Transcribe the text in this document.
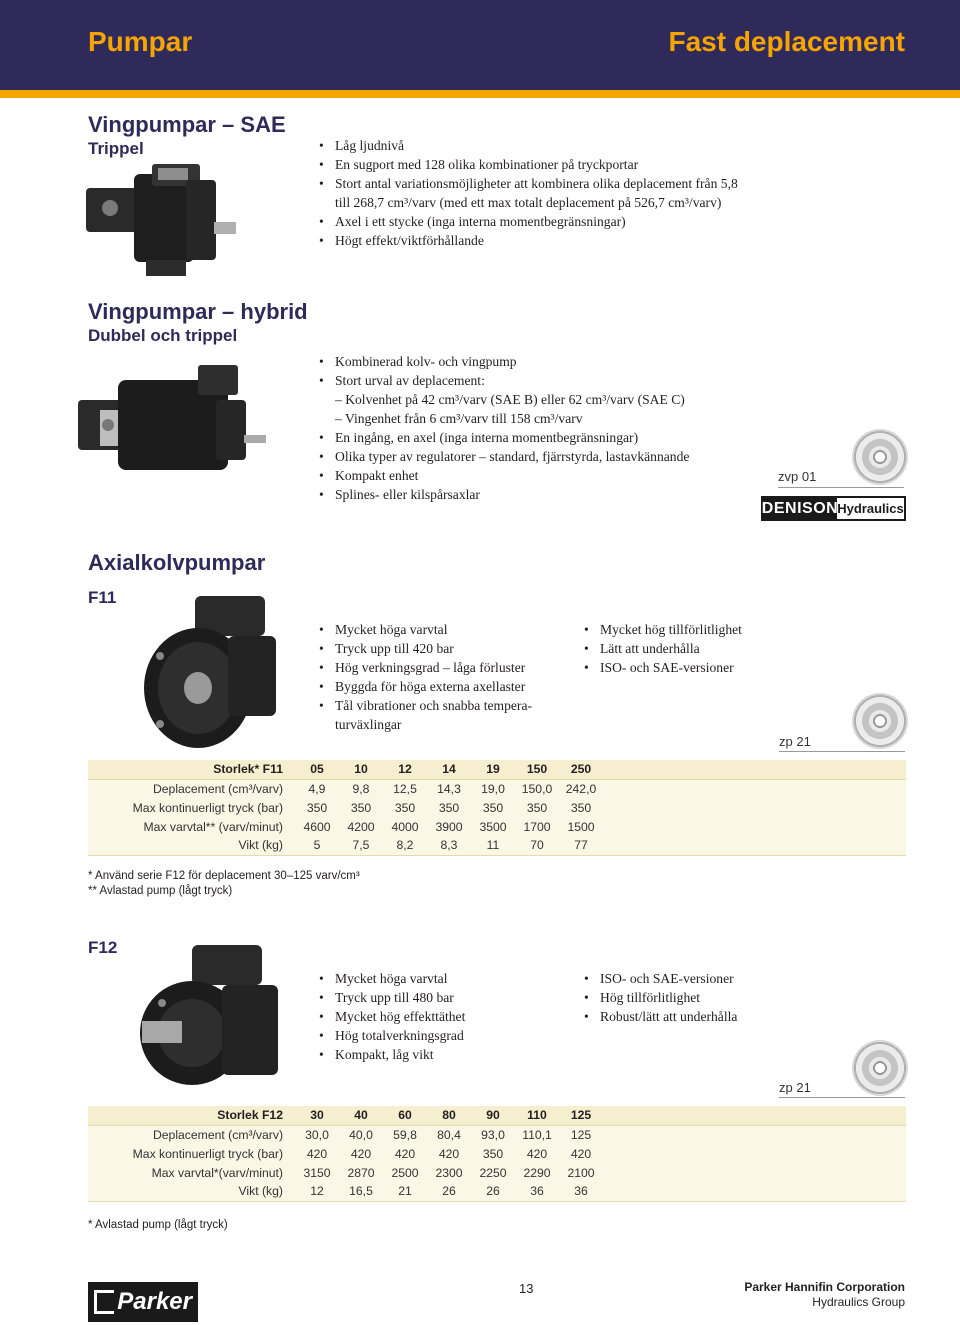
Pumpar	Fast deplacement
Vingpumpar – SAE
Trippel	• Låg ljudnivå
• En sugport med 128 olika kombinationer på tryckportar
• Stort antal variationsmöjligheter att kombinera olika deplacement från 5,8
till 268,7 cm³/varv (med ett max totalt deplacement på 526,7 cm³/varv)
• Axel i ett stycke (inga interna momentbegränsningar)
• Högt effekt/viktförhållande
Vingpumpar – hybrid
Dubbel och trippel
• Kombinerad kolv- och vingpump
• Stort urval av deplacement:
– Kolvenhet på 42 cm³/varv (SAE B) eller 62 cm³/varv (SAE C)
– Vingenhet från 6 cm³/varv till 158 cm³/varv
• En ingång, en axel (inga interna momentbegränsningar)
• Olika typer av regulatorer – standard, fjärrstyrda, lastavkännande
• Kompakt enhet
• Splines- eller kilspårsaxlar
zvp 01
DENISON Hydraulics
Axialkolvpumpar
F11
• Mycket höga varvtal
• Tryck upp till 420 bar
• Hög verkningsgrad – låga förluster
• Byggda för höga externa axellaster
• Tål vibrationer och snabba tempera-
turväxlingar
• Mycket hög tillförlitlighet
• Lätt att underhålla
• ISO- och SAE-versioner
zp 21
Storlek* F11	05	10	12	14	19	150	250	
Deplacement (cm³/varv)	4,9	9,8	12,5	14,3	19,0	150,0	242,0	
Max kontinuerligt tryck (bar)	350	350	350	350	350	350	350	
Max varvtal** (varv/minut)	4600	4200	4000	3900	3500	1700	1500	
Vikt (kg)	5	7,5	8,2	8,3	11	70	77	
* Använd serie F12 för deplacement 30–125 varv/cm³
** Avlastad pump (lågt tryck)
F12
• Mycket höga varvtal
• Tryck upp till 480 bar
• Mycket hög effekttäthet
• Hög totalverkningsgrad
• Kompakt, låg vikt
• ISO- och SAE-versioner
• Hög tillförlitlighet
• Robust/lätt att underhålla
zp 21
Storlek F12	30	40	60	80	90	110	125	
Deplacement (cm³/varv)	30,0	40,0	59,8	80,4	93,0	110,1	125	
Max kontinuerligt tryck (bar)	420	420	420	420	350	420	420	
Max varvtal*(varv/minut)	3150	2870	2500	2300	2250	2290	2100	
Vikt (kg)	12	16,5	21	26	26	36	36	
* Avlastad pump (lågt tryck)
Parker	13	Parker Hannifin Corporation
Hydraulics Group
